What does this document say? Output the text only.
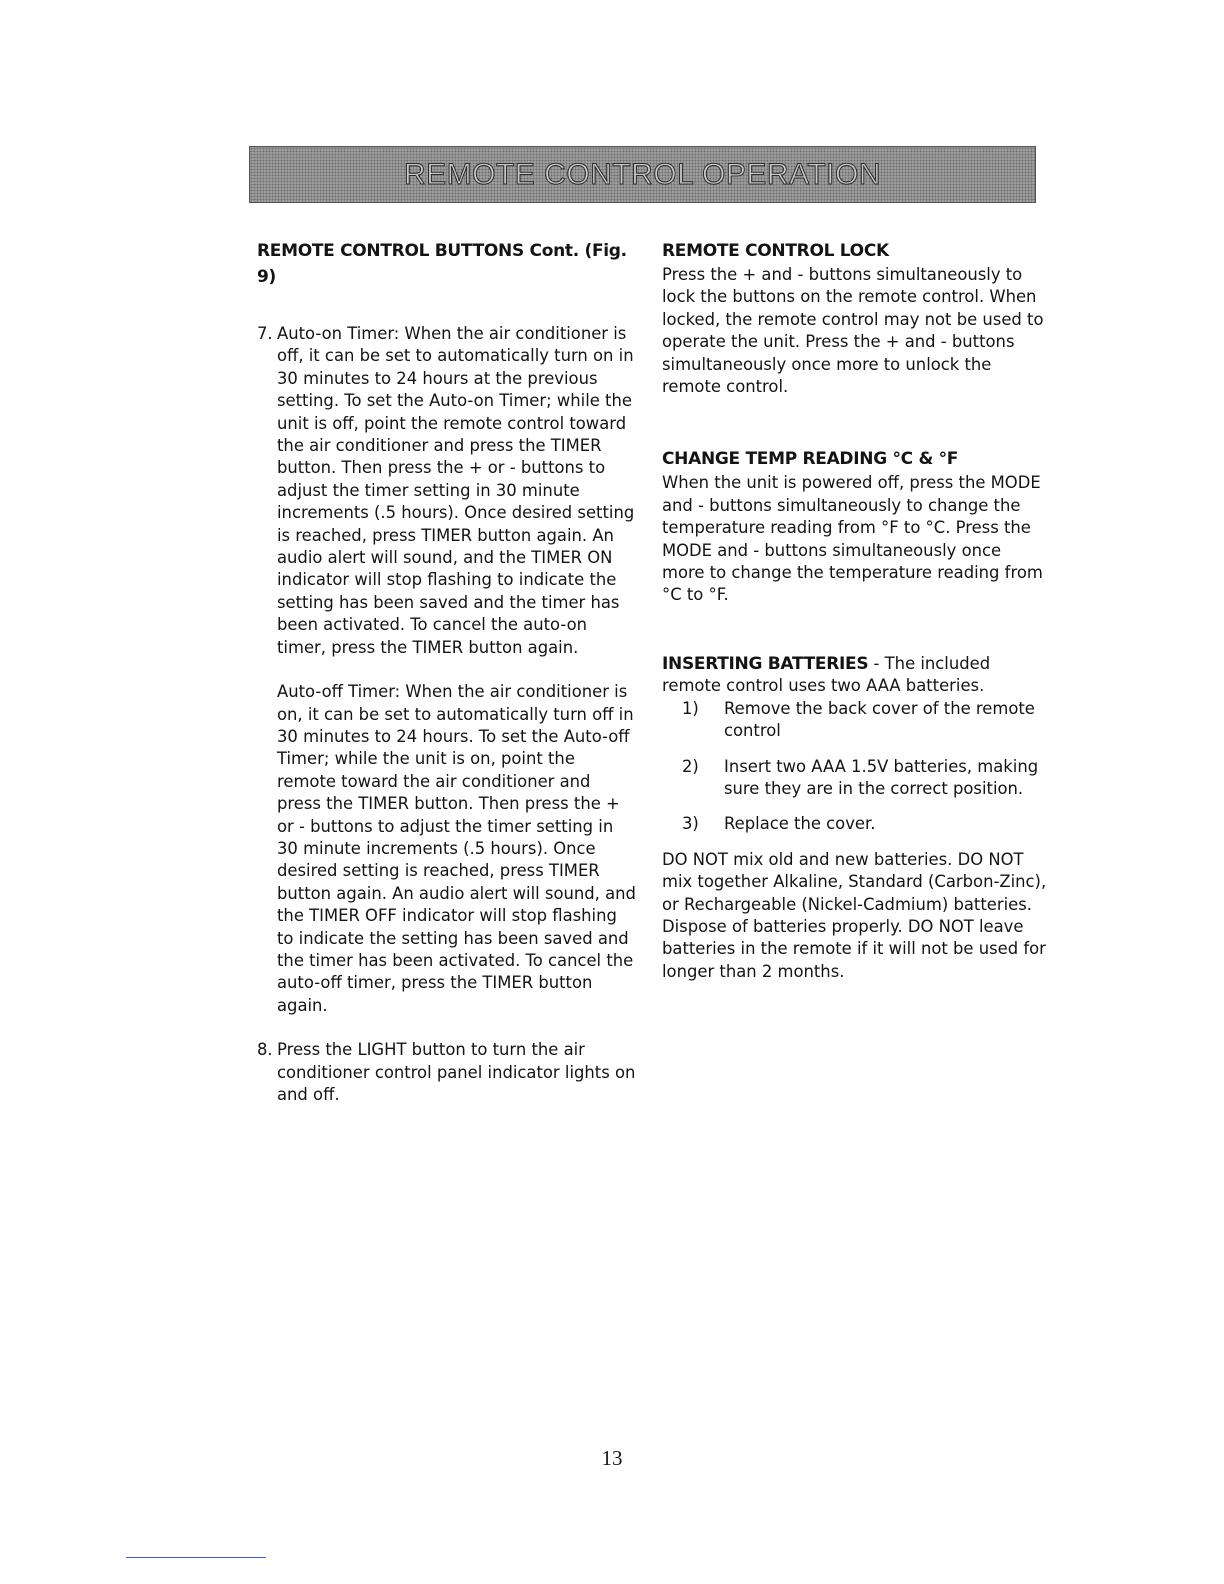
REMOTE CONTROL OPERATION
REMOTE CONTROL BUTTONS Cont. (Fig. 9)
7. Auto-on Timer: When the air conditioner is off, it can be set to automatically turn on in 30 minutes to 24 hours at the previous setting. To set the Auto-on Timer; while the unit is off, point the remote control toward the air conditioner and press the TIMER button. Then press the + or - buttons to adjust the timer setting in 30 minute increments (.5 hours). Once desired setting is reached, press TIMER button again. An audio alert will sound, and the TIMER ON indicator will stop flashing to indicate the setting has been saved and the timer has been activated. To cancel the auto-on timer, press the TIMER button again.

Auto-off Timer: When the air conditioner is on, it can be set to automatically turn off in 30 minutes to 24 hours. To set the Auto-off Timer; while the unit is on, point the remote toward the air conditioner and press the TIMER button. Then press the + or - buttons to adjust the timer setting in 30 minute increments (.5 hours). Once desired setting is reached, press TIMER button again. An audio alert will sound, and the TIMER OFF indicator will stop flashing to indicate the setting has been saved and the timer has been activated. To cancel the auto-off timer, press the TIMER button again.

8. Press the LIGHT button to turn the air conditioner control panel indicator lights on and off.

REMOTE CONTROL LOCK

Press the + and - buttons simultaneously to lock the buttons on the remote control. When locked, the remote control may not be used to operate the unit. Press the + and - buttons simultaneously once more to unlock the remote control.

CHANGE TEMP READING °C & °F

When the unit is powered off, press the MODE and - buttons simultaneously to change the temperature reading from °F to °C. Press the MODE and - buttons simultaneously once more to change the temperature reading from °C to °F.

INSERTING BATTERIES - The included remote control uses two AAA batteries.

1)	Remove the back cover of the remote control
2)	Insert two AAA 1.5V batteries, making sure they are in the correct position.
3)	Replace the cover.

DO NOT mix old and new batteries. DO NOT mix together Alkaline, Standard (Carbon-Zinc), or Rechargeable (Nickel-Cadmium) batteries. Dispose of batteries properly. DO NOT leave batteries in the remote if it will not be used for longer than 2 months.

13
